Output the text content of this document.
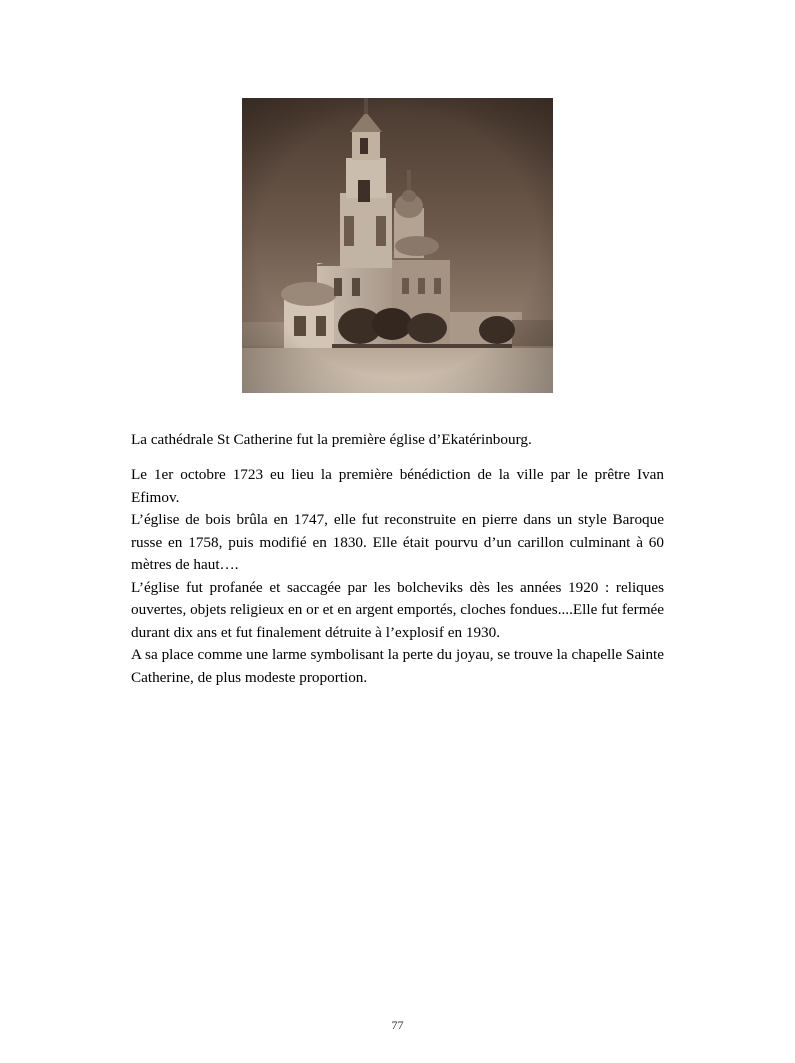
La cathédrale St Catherine fut la première église d’Ekatérinbourg.

Le 1er octobre 1723 eu lieu la première bénédiction de la ville par le prêtre Ivan Efimov.

L’église de bois brûla en 1747, elle fut reconstruite en pierre dans un style Baroque russe en 1758, puis modifié en 1830. Elle était pourvu d’un carillon culminant à 60 mètres de haut….

L’église fut profanée et saccagée par les bolcheviks dès les années 1920 : reliques ouvertes, objets religieux en or et en argent emportés, cloches fondues....Elle fut fermée durant dix ans et fut finalement détruite à l’explosif en 1930.

A sa place comme une larme symbolisant la perte du joyau, se trouve la chapelle Sainte Catherine, de plus modeste proportion.

77
